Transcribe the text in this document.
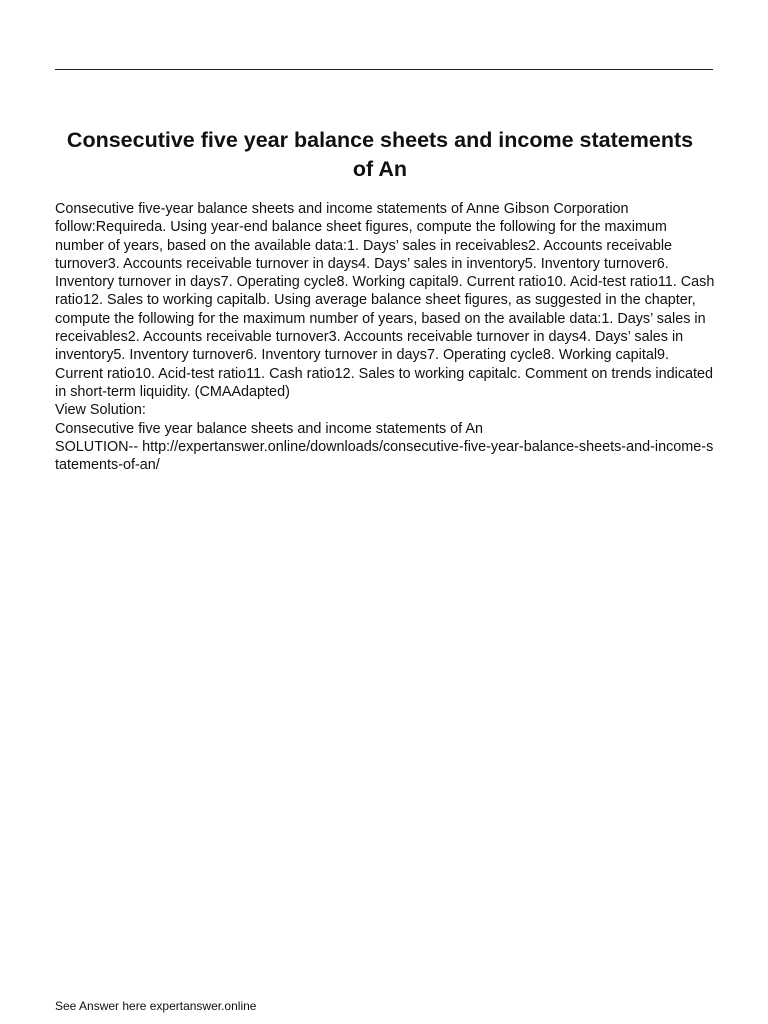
Consecutive five year balance sheets and income statements of An

Consecutive five-year balance sheets and income statements of Anne Gibson Corporation follow:Requireda. Using year-end balance sheet figures, compute the following for the maximum number of years, based on the available data:1. Days’ sales in receivables2. Accounts receivable turnover3. Accounts receivable turnover in days4. Days’ sales in inventory5. Inventory turnover6. Inventory turnover in days7. Operating cycle8. Working capital9. Current ratio10. Acid-test ratio11. Cash ratio12. Sales to working capitalb. Using average balance sheet figures, as suggested in the chapter, compute the following for the maximum number of years, based on the available data:1. Days’ sales in receivables2. Accounts receivable turnover3. Accounts receivable turnover in days4. Days’ sales in inventory5. Inventory turnover6. Inventory turnover in days7. Operating cycle8. Working capital9. Current ratio10. Acid-test ratio11. Cash ratio12. Sales to working capitalc. Comment on trends indicated in short-term liquidity. (CMAAdapted)

View Solution:

Consecutive five year balance sheets and income statements of An

SOLUTION-- http://expertanswer.online/downloads/consecutive-five-year-balance-sheets-and-income-statements-of-an/

See Answer here expertanswer.online
